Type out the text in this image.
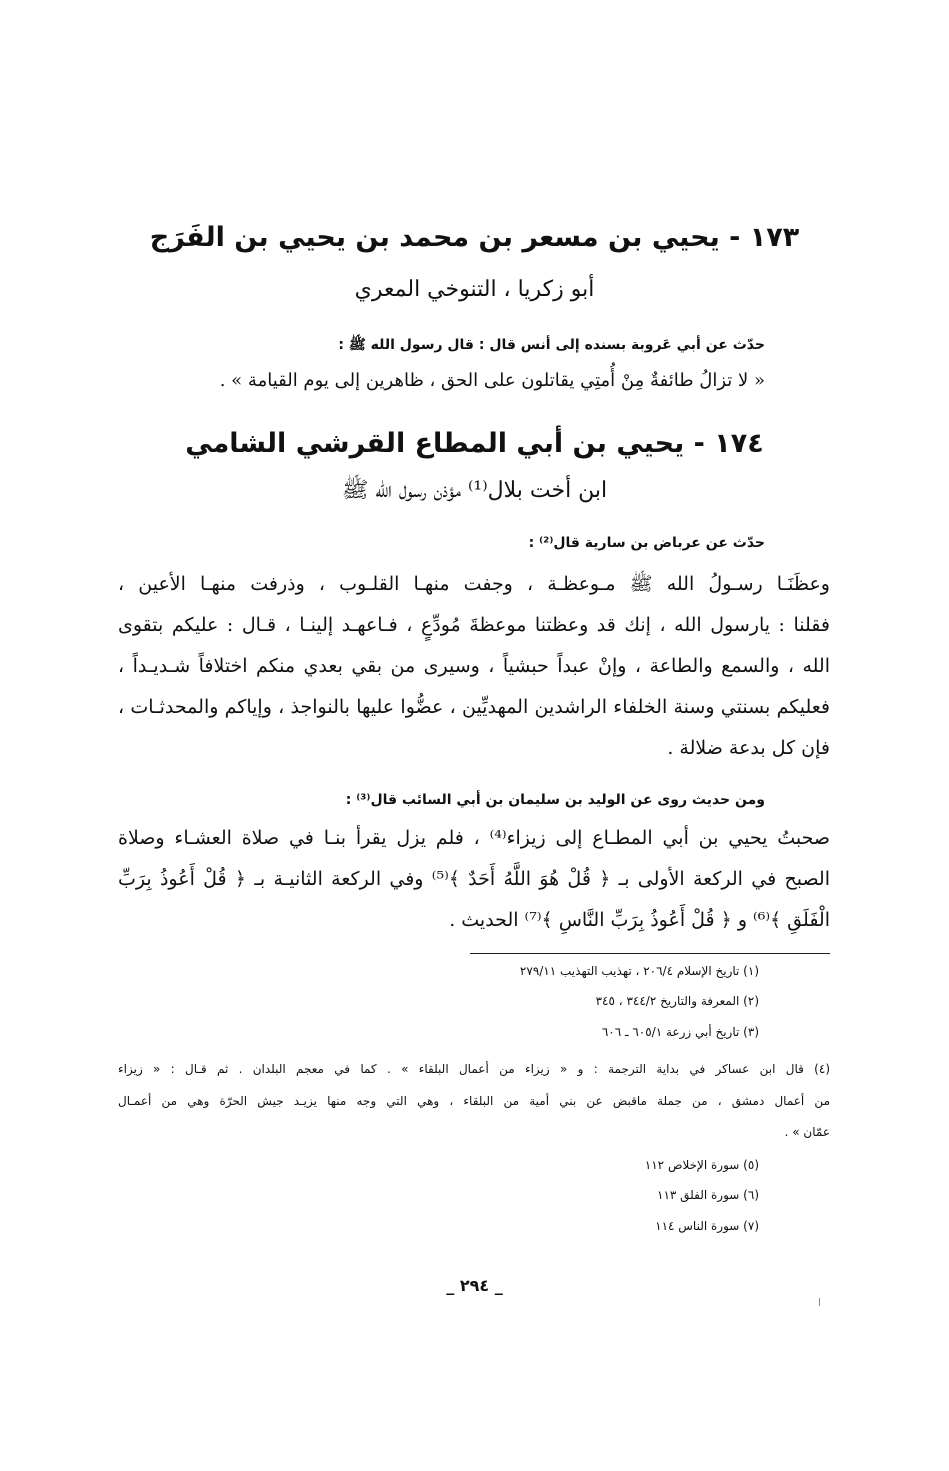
١٧٣ - يحيي بن مسعر بن محمد بن يحيي بن الفَرَج
أبو زكريا ، التنوخي المعري
حدّث عن أبي عَروبة بسنده إلى أنس قال : قال رسول الله ﷺ :
« لا تزالُ طائفةٌ مِنْ أُمتِي يقاتلون على الحق ، ظاهرين إلى يوم القيامة » .
١٧٤ - يحيي بن أبي المطاع القرشي الشامي
ابن أخت بلال⁽¹⁾ مؤذن رسول الله ﷺ
حدّث عن عرباض بن سارية قال⁽²⁾ :
وعظَنَـا رسـولُ الله ﷺ مـوعظـة ، وجفت منهـا القلـوب ، وذرفت منهـا الأعين ،
فقلنا : يارسول الله ، إنك قد وعظتنا موعظةَ مُودِّعٍ ، فـاعهـد إلينـا ، قـال : عليكم بتقوى
الله ، والسمع والطاعة ، وإنْ عبداً حبشياً ، وسيرى من بقي بعدي منكم اختلافاً شـديـداً ،
فعليكم بسنتي وسنة الخلفاء الراشدين المهديِّين ، عضُّوا عليها بالنواجذ ، وإياكم والمحدثـات ،
فإن كل بدعة ضلالة .
ومن حديث روى عن الوليد بن سليمان بن أبي السائب قال⁽³⁾ :
صحبتُ يحيي بن أبي المطـاع إلى زيزاء⁽⁴⁾ ، فلم يزل يقرأ بنـا في صلاة العشـاء وصلاة
الصبح في الركعة الأولى بـ ﴿ قُلْ هُوَ اللَّهُ أَحَدٌ ﴾⁽⁵⁾ وفي الركعة الثانيـة بـ ﴿ قُلْ أَعُوذُ بِرَبِّ
الْفَلَقِ ﴾⁽⁶⁾ و ﴿ قُلْ أَعُوذُ بِرَبِّ النَّاسِ ﴾⁽⁷⁾ الحديث .
(١) تاريخ الإسلام ٢٠٦/٤ ، تهذيب التهذيب ٢٧٩/١١
(٢) المعرفة والتاريخ ٣٤٤/٢ ، ٣٤٥
(٣) تاريخ أبي زرعة ٦٠٥/١ ـ ٦٠٦
(٤) قال ابن عساكر في بداية الترجمة : و « زيزاء من أعمال البلقاء » . كما في معجم البلدان . ثم قـال : « زيزاء
من أعمال دمشق ، من جملة ماقبض عن بني أمية من البلقاء ، وهي التي وجه منها يزيـد جيش الحرّة وهي من أعمـال
عمّان » .
(٥) سورة الإخلاص ١١٢
(٦) سورة الفلق ١١٣
(٧) سورة الناس ١١٤
_ ٢٩٤ _
